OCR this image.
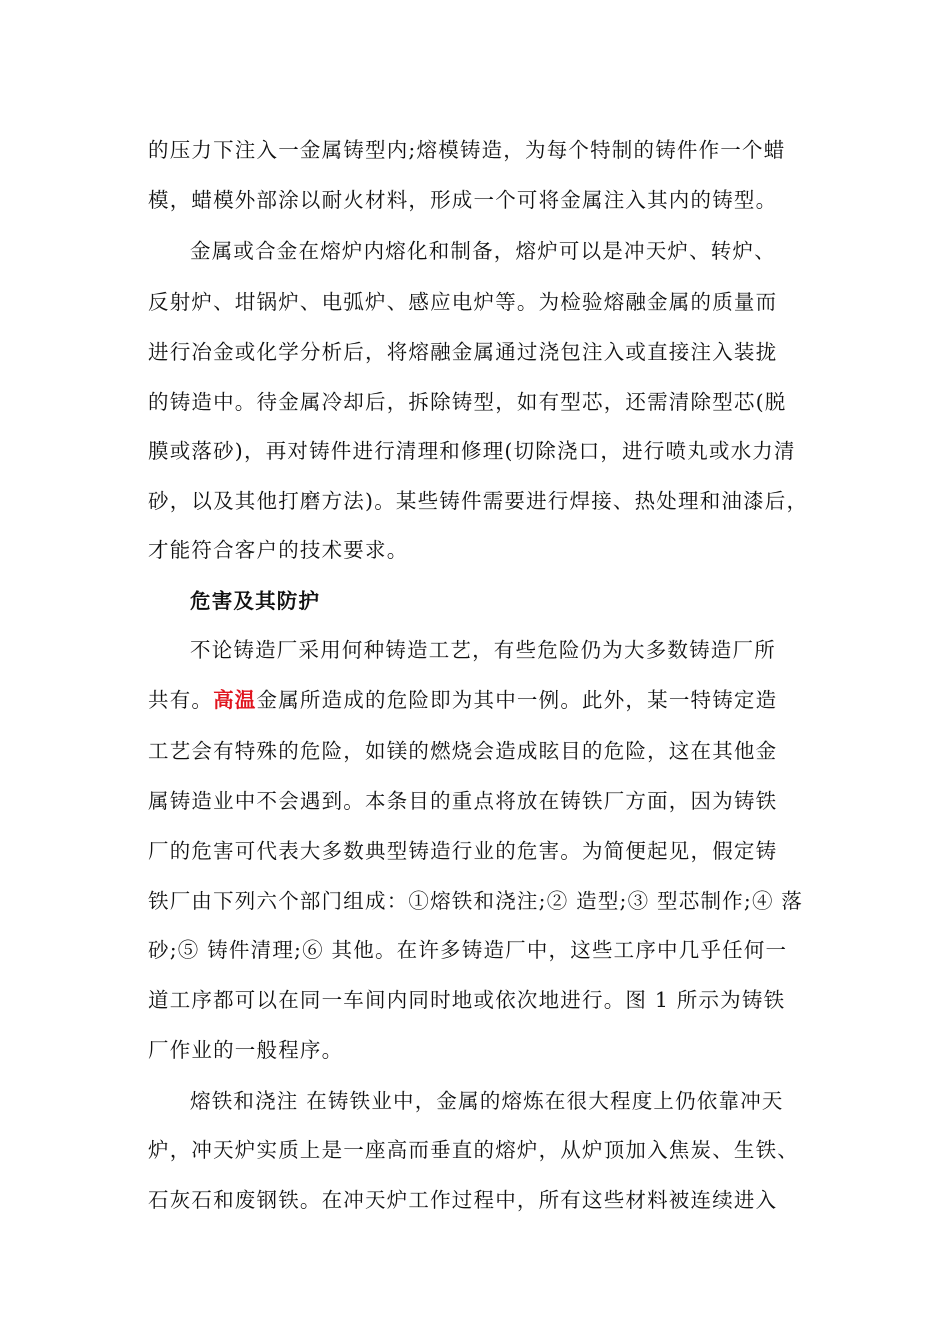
的压力下注入一金属铸型内;熔模铸造，为每个特制的铸件作一个蜡
模，蜡模外部涂以耐火材料，形成一个可将金属注入其内的铸型。
金属或合金在熔炉内熔化和制备，熔炉可以是冲天炉、转炉、
反射炉、坩锅炉、电弧炉、感应电炉等。为检验熔融金属的质量而
进行冶金或化学分析后，将熔融金属通过浇包注入或直接注入装拢
的铸造中。待金属冷却后，拆除铸型，如有型芯，还需清除型芯(脱
膜或落砂)，再对铸件进行清理和修理(切除浇口，进行喷丸或水力清
砂，以及其他打磨方法)。某些铸件需要进行焊接、热处理和油漆后，
才能符合客户的技术要求。
危害及其防护
不论铸造厂采用何种铸造工艺，有些危险仍为大多数铸造厂所
共有。高温金属所造成的危险即为其中一例。此外，某一特铸定造
工艺会有特殊的危险，如镁的燃烧会造成眩目的危险，这在其他金
属铸造业中不会遇到。本条目的重点将放在铸铁厂方面，因为铸铁
厂的危害可代表大多数典型铸造行业的危害。为简便起见，假定铸
铁厂由下列六个部门组成：①熔铁和浇注;② 造型;③ 型芯制作;④ 落
砂;⑤ 铸件清理;⑥ 其他。在许多铸造厂中，这些工序中几乎任何一
道工序都可以在同一车间内同时地或依次地进行。图 1 所示为铸铁
厂作业的一般程序。
熔铁和浇注 在铸铁业中，金属的熔炼在很大程度上仍依靠冲天
炉，冲天炉实质上是一座高而垂直的熔炉，从炉顶加入焦炭、生铁、
石灰石和废钢铁。在冲天炉工作过程中，所有这些材料被连续进入
